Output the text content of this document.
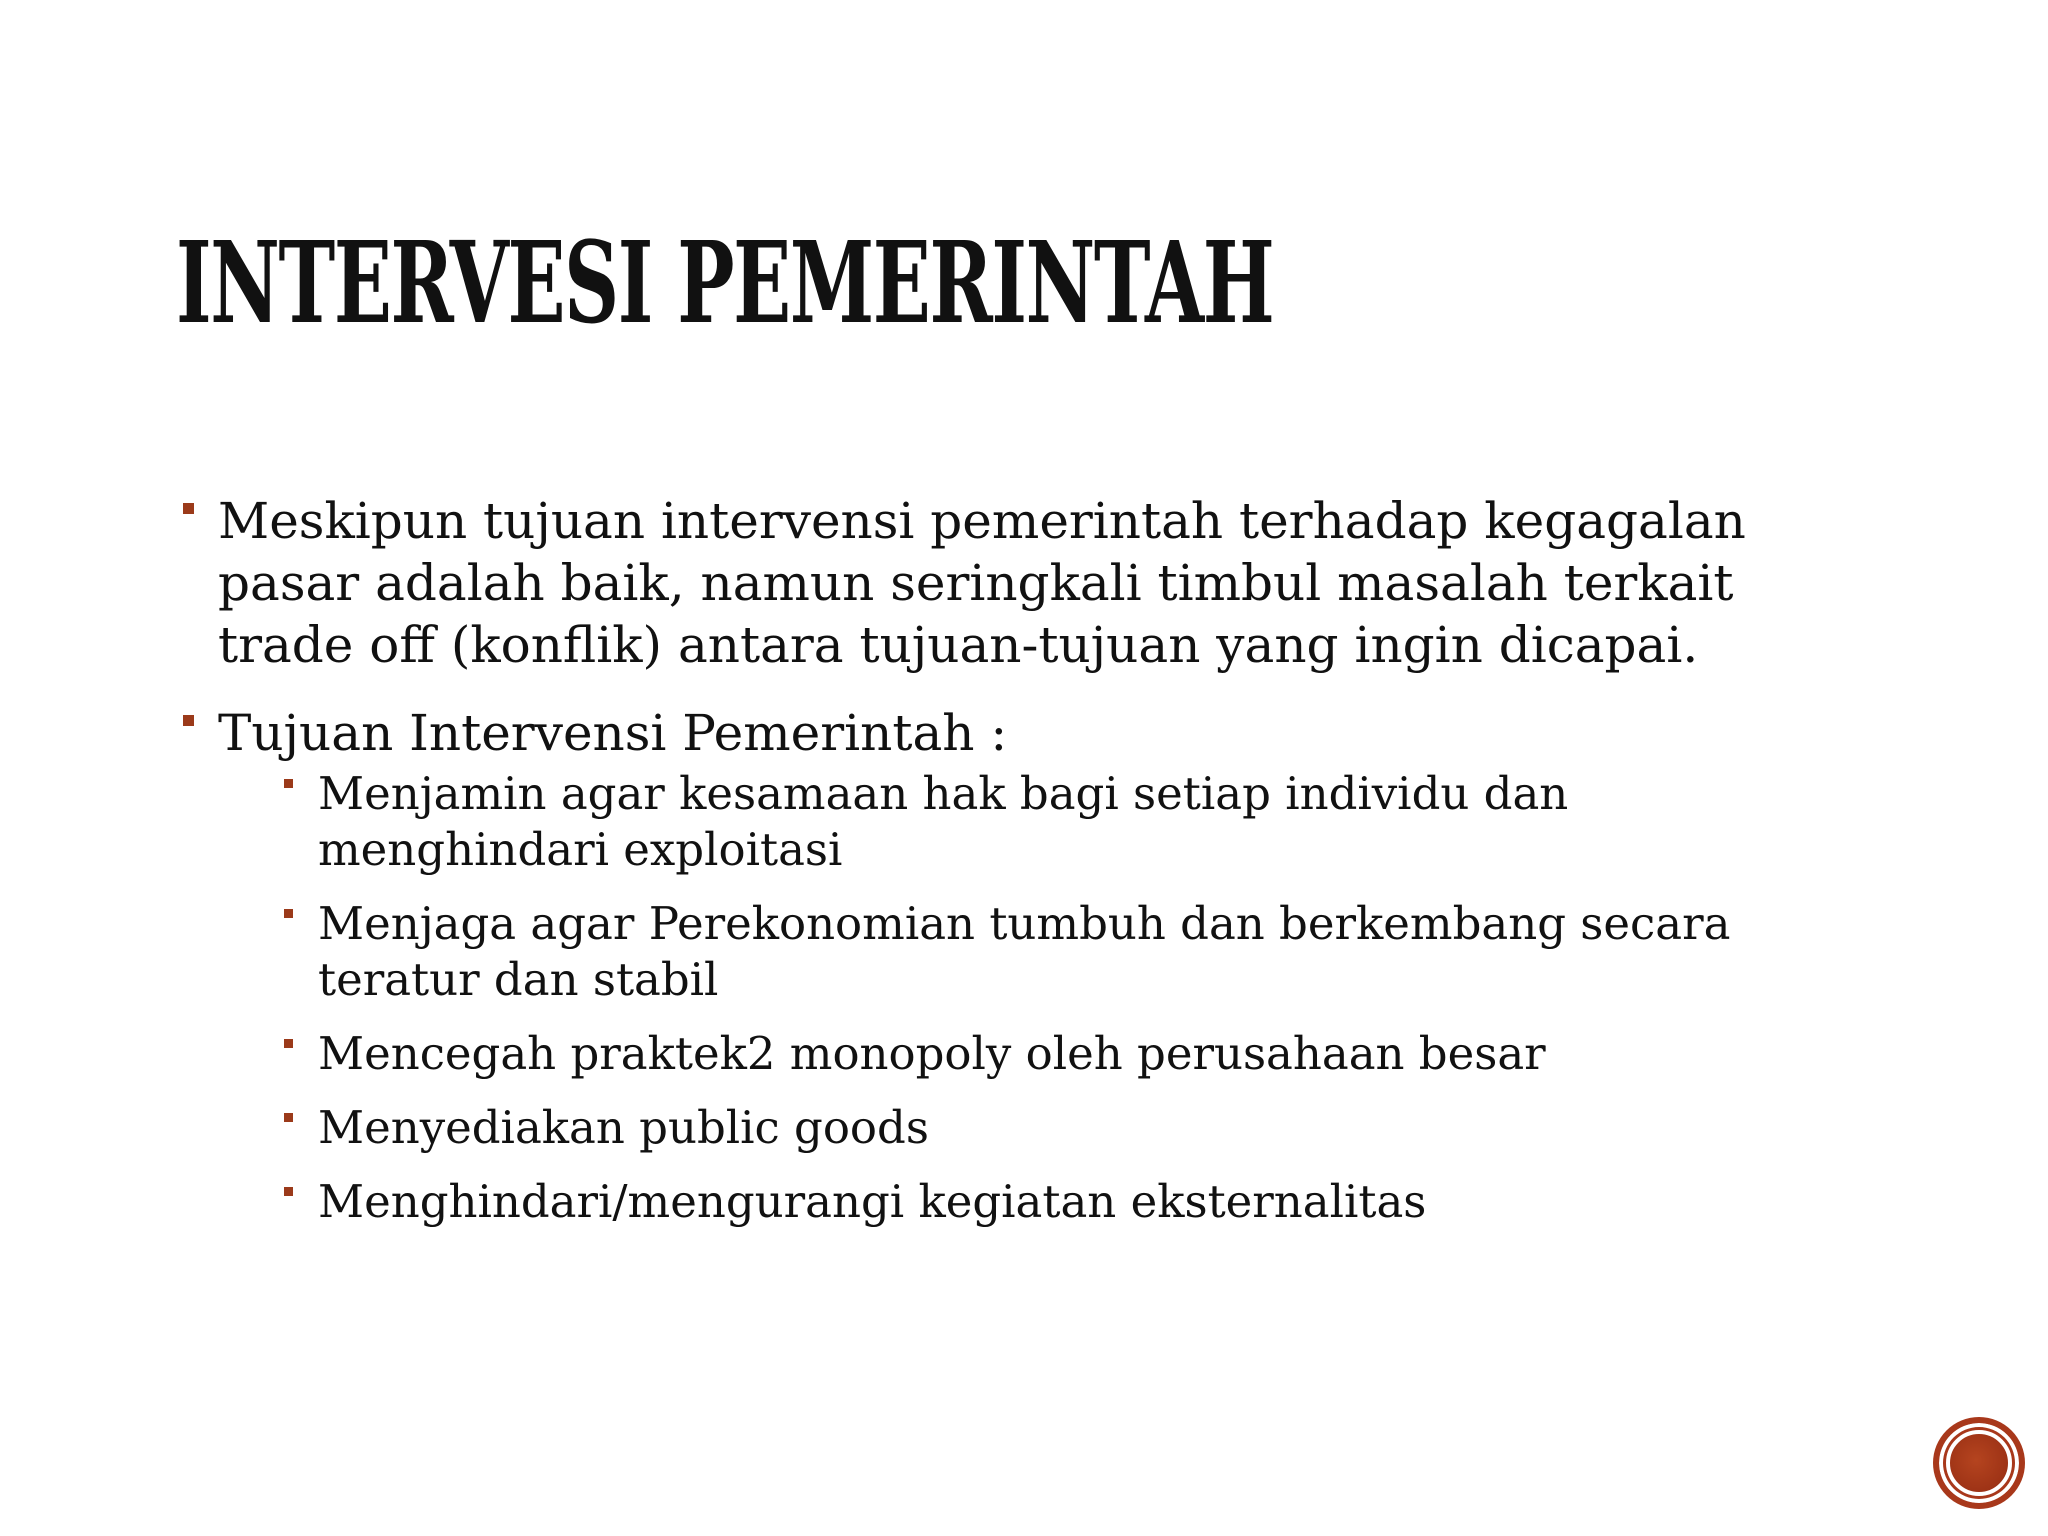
INTERVESI PEMERINTAH
Meskipun tujuan intervensi pemerintah terhadap kegagalan pasar adalah baik, namun seringkali timbul masalah terkait trade off (konflik) antara tujuan-tujuan yang ingin dicapai.
Tujuan Intervensi Pemerintah :
Menjamin agar kesamaan hak bagi setiap individu dan menghindari exploitasi
Menjaga agar Perekonomian tumbuh dan berkembang secara teratur dan stabil
Mencegah praktek2 monopoly oleh perusahaan besar
Menyediakan public goods
Menghindari/mengurangi kegiatan eksternalitas
